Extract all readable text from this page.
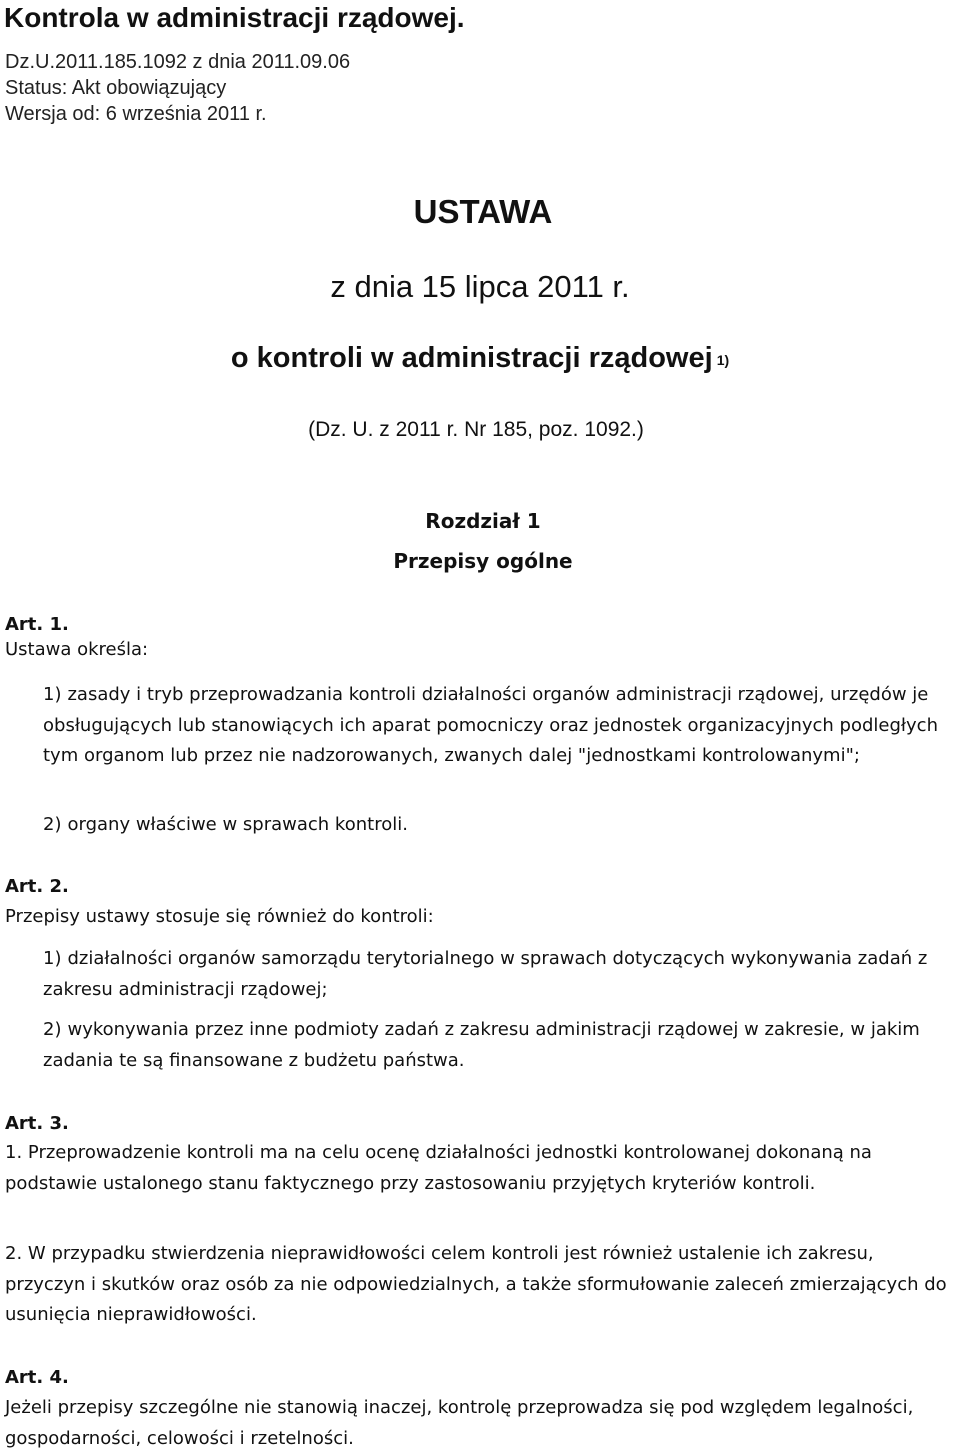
Kontrola w administracji rządowej.

Dz.U.2011.185.1092 z dnia 2011.09.06

Status: Akt obowiązujący

Wersja od: 6 września 2011 r.

USTAWA

z dnia 15 lipca 2011 r.

o kontroli w administracji rządowej $^{1)}$

(Dz. U. z 2011 r. Nr 185, poz. 1092.)

Rozdział 1

Przepisy ogólne

Art. 1.

Ustawa określa:

1) zasady i tryb przeprowadzania kontroli działalności organów administracji rządowej, urzędów je obsługujących lub stanowiących ich aparat pomocniczy oraz jednostek organizacyjnych podległych tym organom lub przez nie nadzorowanych, zwanych dalej "jednostkami kontrolowanymi";

2) organy właściwe w sprawach kontroli.

Art. 2.

Przepisy ustawy stosuje się również do kontroli:

1) działalności organów samorządu terytorialnego w sprawach dotyczących wykonywania zadań z zakresu administracji rządowej;

2) wykonywania przez inne podmioty zadań z zakresu administracji rządowej w zakresie, w jakim zadania te są finansowane z budżetu państwa.

Art. 3.

1. Przeprowadzenie kontroli ma na celu ocenę działalności jednostki kontrolowanej dokonaną na podstawie ustalonego stanu faktycznego przy zastosowaniu przyjętych kryteriów kontroli.

2. W przypadku stwierdzenia nieprawidłowości celem kontroli jest również ustalenie ich zakresu, przyczyn i skutków oraz osób za nie odpowiedzialnych, a także sformułowanie zaleceń zmierzających do usunięcia nieprawidłowości.

Art. 4.

Jeżeli przepisy szczególne nie stanowią inaczej, kontrolę przeprowadza się pod względem legalności, gospodarności, celowości i rzetelności.
